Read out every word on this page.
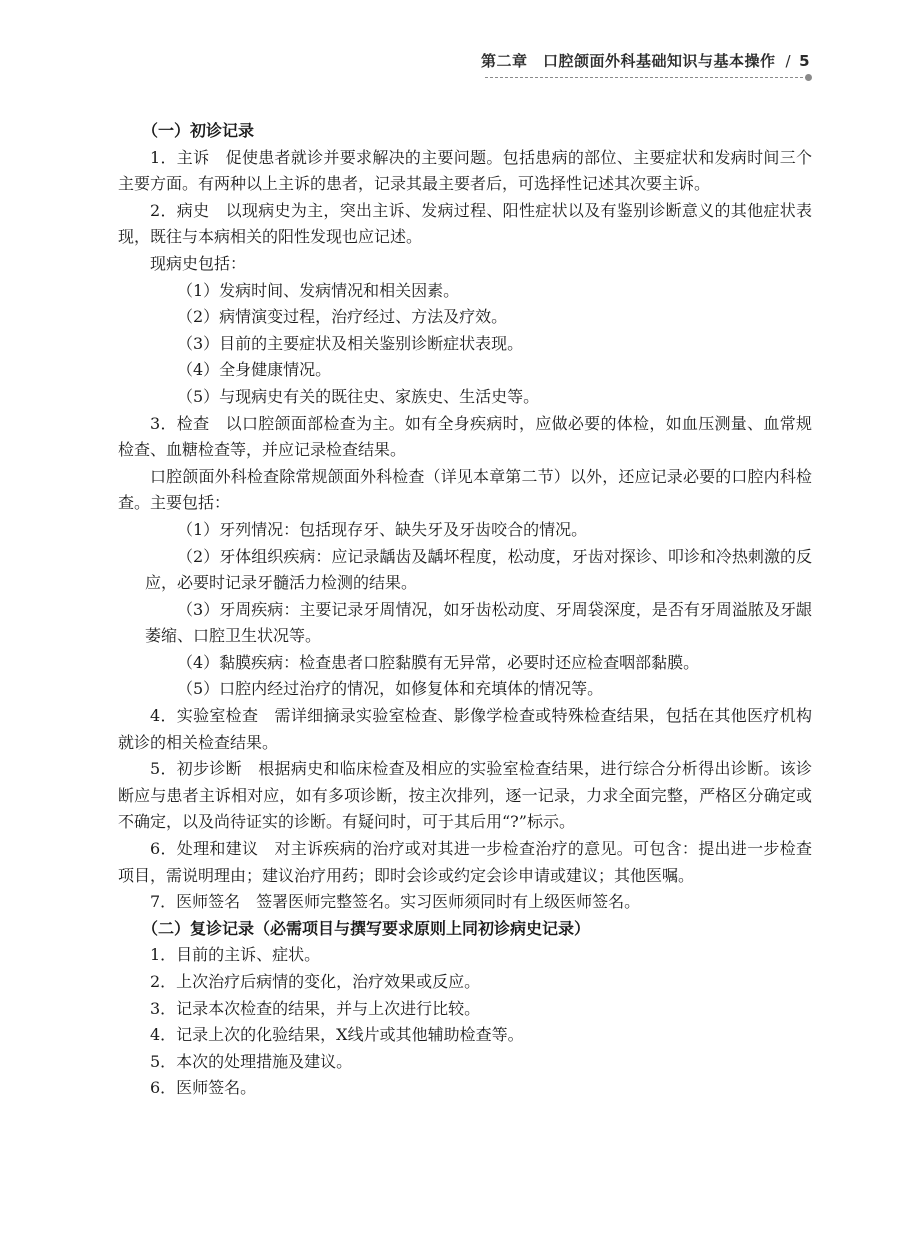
第二章　口腔颌面外科基础知识与基本操作 / 5
（一）初诊记录

1．主诉　促使患者就诊并要求解决的主要问题。包括患病的部位、主要症状和发病时间三个主要方面。有两种以上主诉的患者，记录其最主要者后，可选择性记述其次要主诉。

2．病史　以现病史为主，突出主诉、发病过程、阳性症状以及有鉴别诊断意义的其他症状表现，既往与本病相关的阳性发现也应记述。

现病史包括：

（1）发病时间、发病情况和相关因素。

（2）病情演变过程，治疗经过、方法及疗效。

（3）目前的主要症状及相关鉴别诊断症状表现。

（4）全身健康情况。

（5）与现病史有关的既往史、家族史、生活史等。

3．检查　以口腔颌面部检查为主。如有全身疾病时，应做必要的体检，如血压测量、血常规检查、血糖检查等，并应记录检查结果。

口腔颌面外科检查除常规颌面外科检查（详见本章第二节）以外，还应记录必要的口腔内科检查。主要包括：

（1）牙列情况：包括现存牙、缺失牙及牙齿咬合的情况。

（2）牙体组织疾病：应记录龋齿及龋坏程度，松动度，牙齿对探诊、叩诊和冷热刺激的反应，必要时记录牙髓活力检测的结果。

（3）牙周疾病：主要记录牙周情况，如牙齿松动度、牙周袋深度，是否有牙周溢脓及牙龈萎缩、口腔卫生状况等。

（4）黏膜疾病：检查患者口腔黏膜有无异常，必要时还应检查咽部黏膜。

（5）口腔内经过治疗的情况，如修复体和充填体的情况等。

4．实验室检查　需详细摘录实验室检查、影像学检查或特殊检查结果，包括在其他医疗机构就诊的相关检查结果。

5．初步诊断　根据病史和临床检查及相应的实验室检查结果，进行综合分析得出诊断。该诊断应与患者主诉相对应，如有多项诊断，按主次排列，逐一记录，力求全面完整，严格区分确定或不确定，以及尚待证实的诊断。有疑问时，可于其后用“?”标示。

6．处理和建议　对主诉疾病的治疗或对其进一步检查治疗的意见。可包含：提出进一步检查项目，需说明理由；建议治疗用药；即时会诊或约定会诊申请或建议；其他医嘱。

7．医师签名　签署医师完整签名。实习医师须同时有上级医师签名。

（二）复诊记录（必需项目与撰写要求原则上同初诊病史记录）

1．目前的主诉、症状。

2．上次治疗后病情的变化，治疗效果或反应。

3．记录本次检查的结果，并与上次进行比较。

4．记录上次的化验结果，X线片或其他辅助检查等。

5．本次的处理措施及建议。

6．医师签名。
